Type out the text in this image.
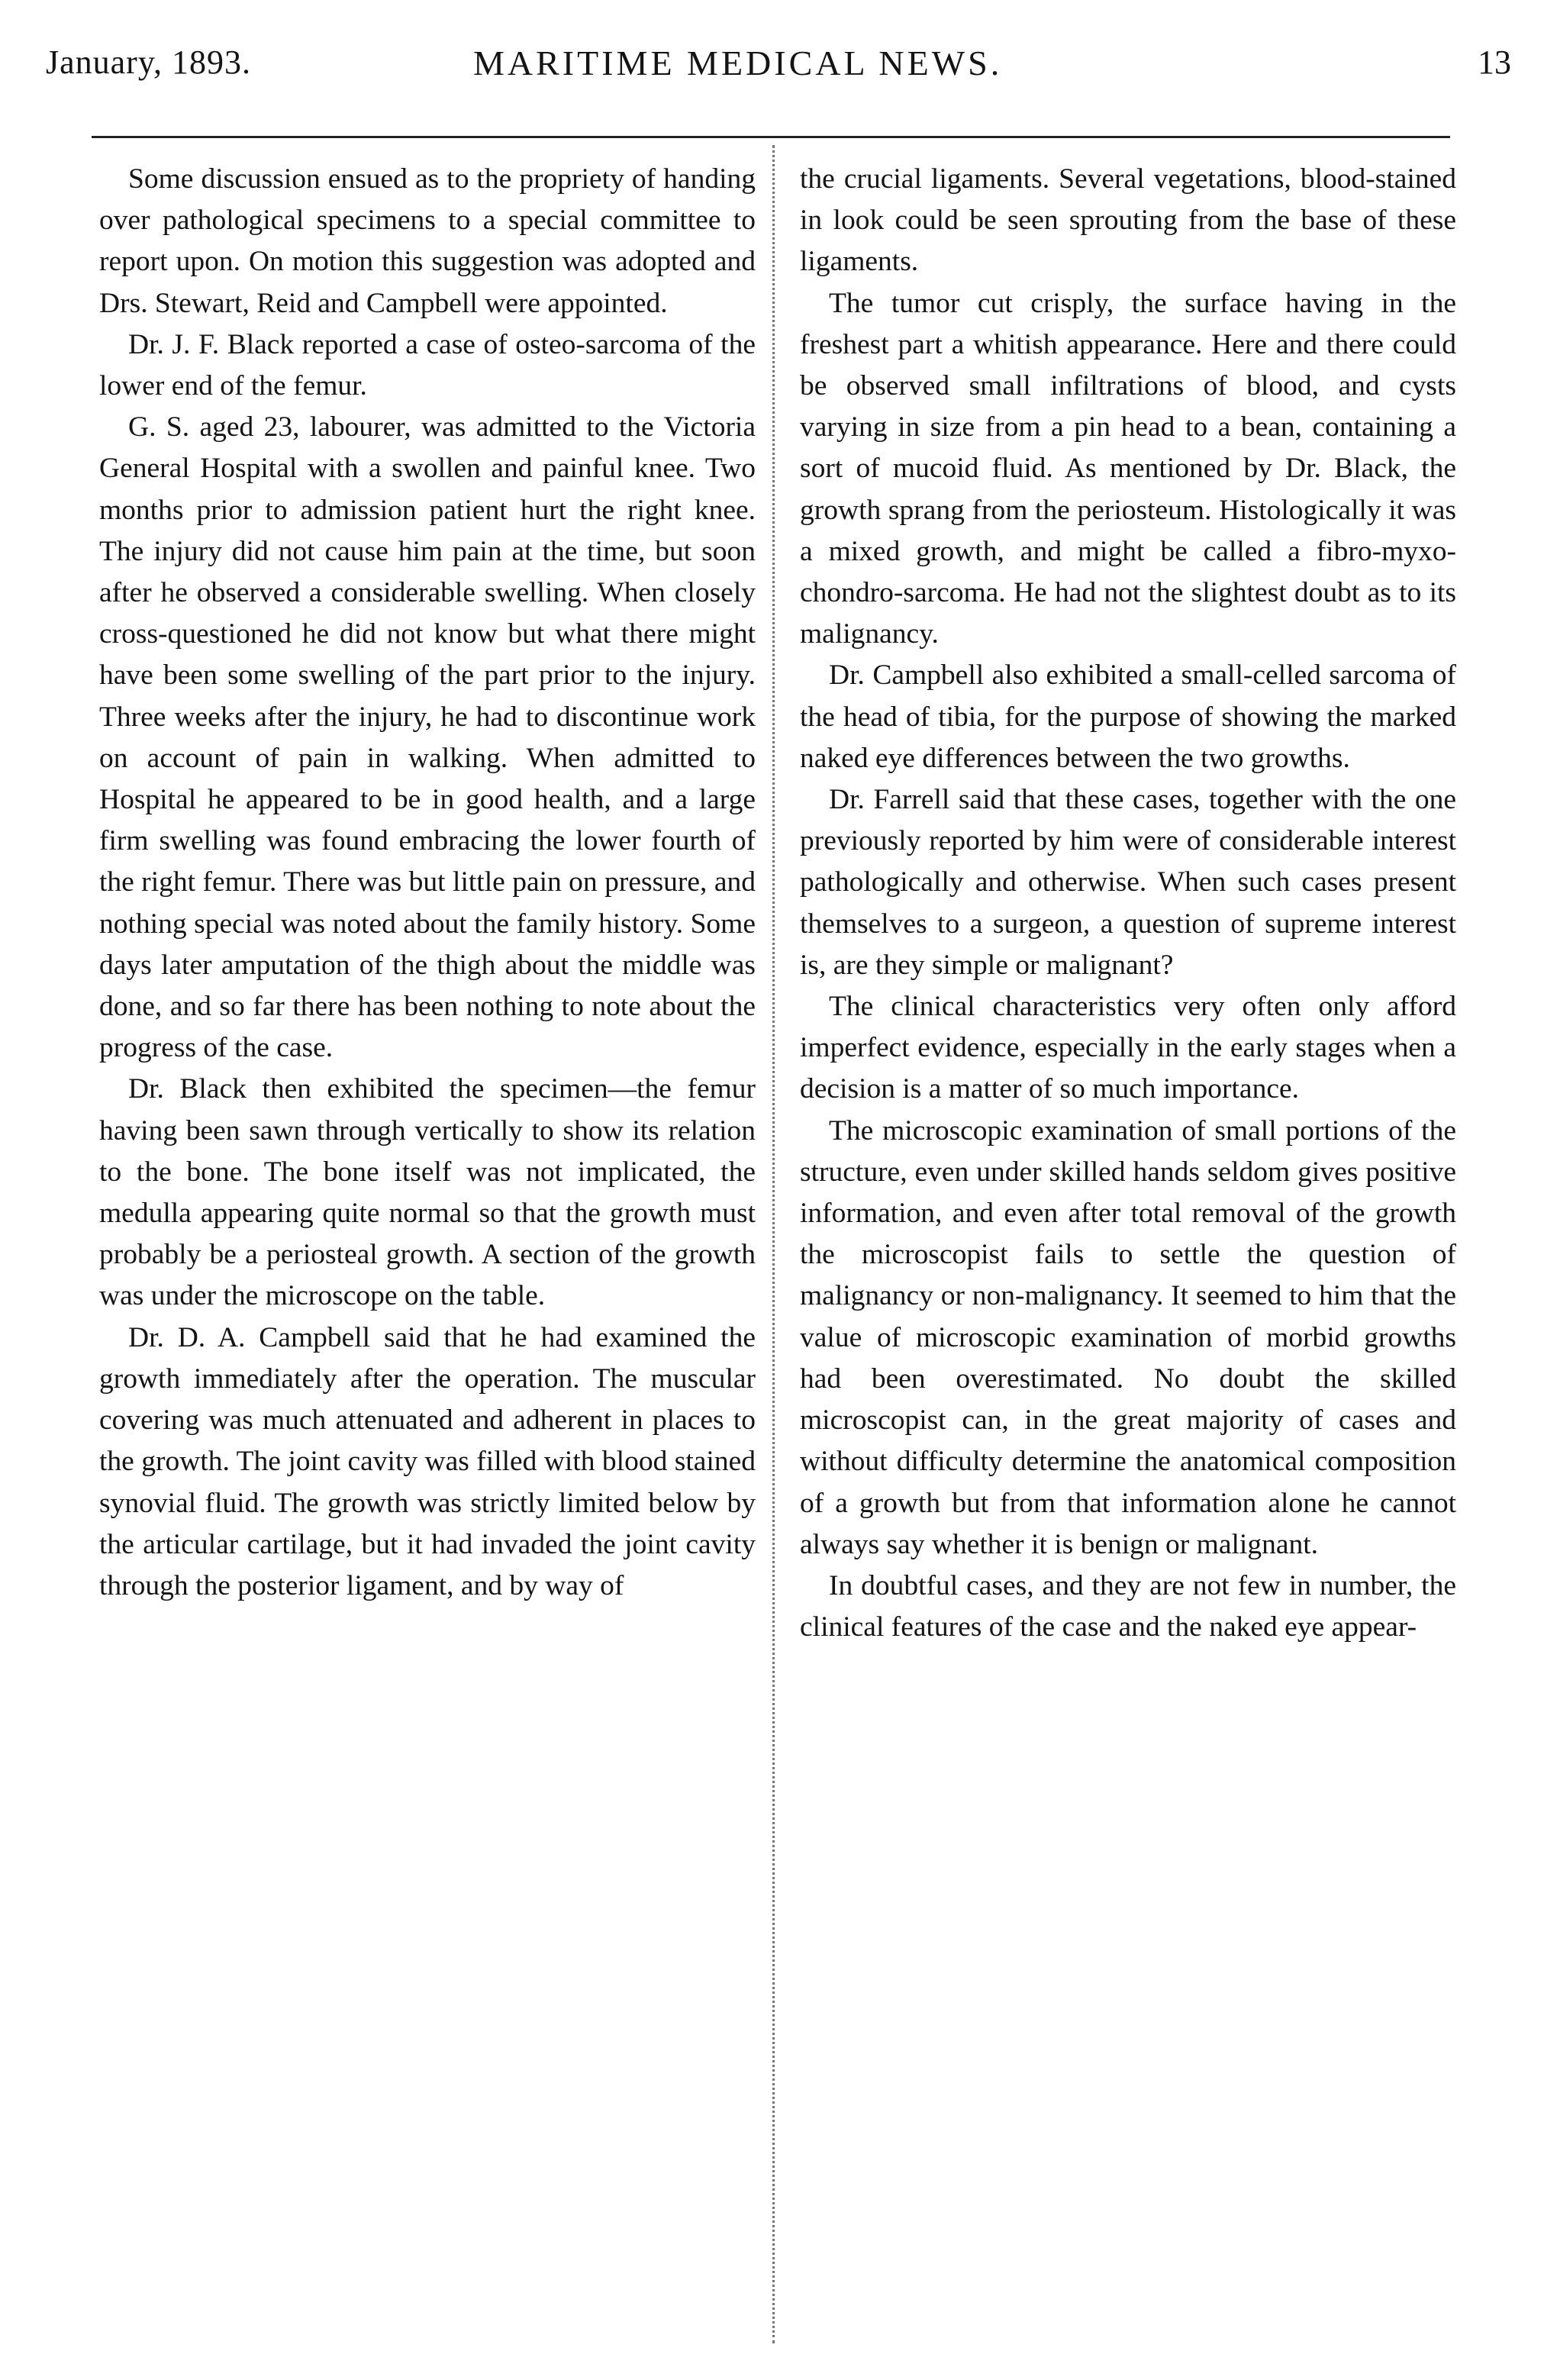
January, 1893.	MARITIME MEDICAL NEWS.	13

Some discussion ensued as to the propriety of handing over pathological specimens to a special committee to report upon. On motion this suggestion was adopted and Drs. Stewart, Reid and Campbell were appointed.

Dr. J. F. Black reported a case of osteo-sarcoma of the lower end of the femur.

G. S. aged 23, labourer, was admitted to the Victoria General Hospital with a swollen and painful knee. Two months prior to admission patient hurt the right knee. The injury did not cause him pain at the time, but soon after he observed a considerable swelling. When closely cross-questioned he did not know but what there might have been some swelling of the part prior to the injury. Three weeks after the injury, he had to discontinue work on account of pain in walking. When admitted to Hospital he appeared to be in good health, and a large firm swelling was found embracing the lower fourth of the right femur. There was but little pain on pressure, and nothing special was noted about the family history. Some days later amputation of the thigh about the middle was done, and so far there has been nothing to note about the progress of the case.

Dr. Black then exhibited the specimen—the femur having been sawn through vertically to show its relation to the bone. The bone itself was not implicated, the medulla appearing quite normal so that the growth must probably be a periosteal growth. A section of the growth was under the microscope on the table.

Dr. D. A. Campbell said that he had examined the growth immediately after the operation. The muscular covering was much attenuated and adherent in places to the growth. The joint cavity was filled with blood stained synovial fluid. The growth was strictly limited below by the articular cartilage, but it had invaded the joint cavity through the posterior ligament, and by way of

the crucial ligaments. Several vegetations, blood-stained in look could be seen sprouting from the base of these ligaments.

The tumor cut crisply, the surface having in the freshest part a whitish appearance. Here and there could be observed small infiltrations of blood, and cysts varying in size from a pin head to a bean, containing a sort of mucoid fluid. As mentioned by Dr. Black, the growth sprang from the periosteum. Histologically it was a mixed growth, and might be called a fibro-myxo-chondro-sarcoma. He had not the slightest doubt as to its malignancy.

Dr. Campbell also exhibited a small-celled sarcoma of the head of tibia, for the purpose of showing the marked naked eye differences between the two growths.

Dr. Farrell said that these cases, together with the one previously reported by him were of considerable interest pathologically and otherwise. When such cases present themselves to a surgeon, a question of supreme interest is, are they simple or malignant?

The clinical characteristics very often only afford imperfect evidence, especially in the early stages when a decision is a matter of so much importance.

The microscopic examination of small portions of the structure, even under skilled hands seldom gives positive information, and even after total removal of the growth the microscopist fails to settle the question of malignancy or non-malignancy. It seemed to him that the value of microscopic examination of morbid growths had been overestimated. No doubt the skilled microscopist can, in the great majority of cases and without difficulty determine the anatomical composition of a growth but from that information alone he cannot always say whether it is benign or malignant.

In doubtful cases, and they are not few in number, the clinical features of the case and the naked eye appear-
